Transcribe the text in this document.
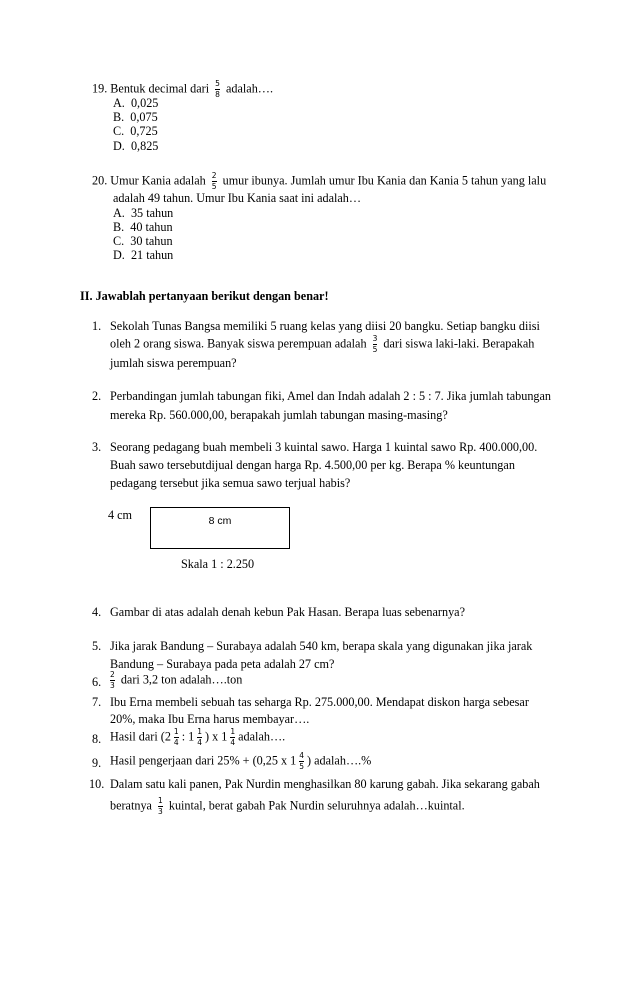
19. Bentuk decimal dari $\frac{5}{8}$ adalah….
A. 0,025
B. 0,075
C. 0,725
D. 0,825
20. Umur Kania adalah $\frac{2}{5}$ umur ibunya. Jumlah umur Ibu Kania dan Kania 5 tahun yang lalu
adalah 49 tahun. Umur Ibu Kania saat ini adalah…
A. 35 tahun
B. 40 tahun
C. 30 tahun
D. 21 tahun
II. Jawablah pertanyaan berikut dengan benar!
1. Sekolah Tunas Bangsa memiliki 5 ruang kelas yang diisi 20 bangku. Setiap bangku diisi
oleh 2 orang siswa. Banyak siswa perempuan adalah $\frac{3}{5}$ dari siswa laki-laki. Berapakah
jumlah siswa perempuan?
2. Perbandingan jumlah tabungan fiki, Amel dan Indah adalah 2 : 5 : 7. Jika jumlah tabungan
mereka Rp. 560.000,00, berapakah jumlah tabungan masing-masing?
3. Seorang pedagang buah membeli 3 kuintal sawo. Harga 1 kuintal sawo Rp. 400.000,00.
Buah sawo tersebutdijual dengan harga Rp. 4.500,00 per kg. Berapa % keuntungan
pedagang tersebut jika semua sawo terjual habis?
4 cm	8 cm
Skala 1 : 2.250
4. Gambar di atas adalah denah kebun Pak Hasan. Berapa luas sebenarnya?
5. Jika jarak Bandung – Surabaya adalah 540 km, berapa skala yang digunakan jika jarak
Bandung – Surabaya pada peta adalah 27 cm?
6. $\frac{2}{3}$ dari 3,2 ton adalah….ton
7. Ibu Erna membeli sebuah tas seharga Rp. 275.000,00. Mendapat diskon harga sebesar
20%, maka Ibu Erna harus membayar….
8. Hasil dari ($2 \frac{1}{4}$ : $1 \frac{1}{4}$ ) x $1 \frac{1}{4}$ adalah….
9. Hasil pengerjaan dari 25% + (0,25 x $1 \frac{4}{5}$ ) adalah….%
10. Dalam satu kali panen, Pak Nurdin menghasilkan 80 karung gabah. Jika sekarang gabah
beratnya $\frac{1}{3}$ kuintal, berat gabah Pak Nurdin seluruhnya adalah…kuintal.
